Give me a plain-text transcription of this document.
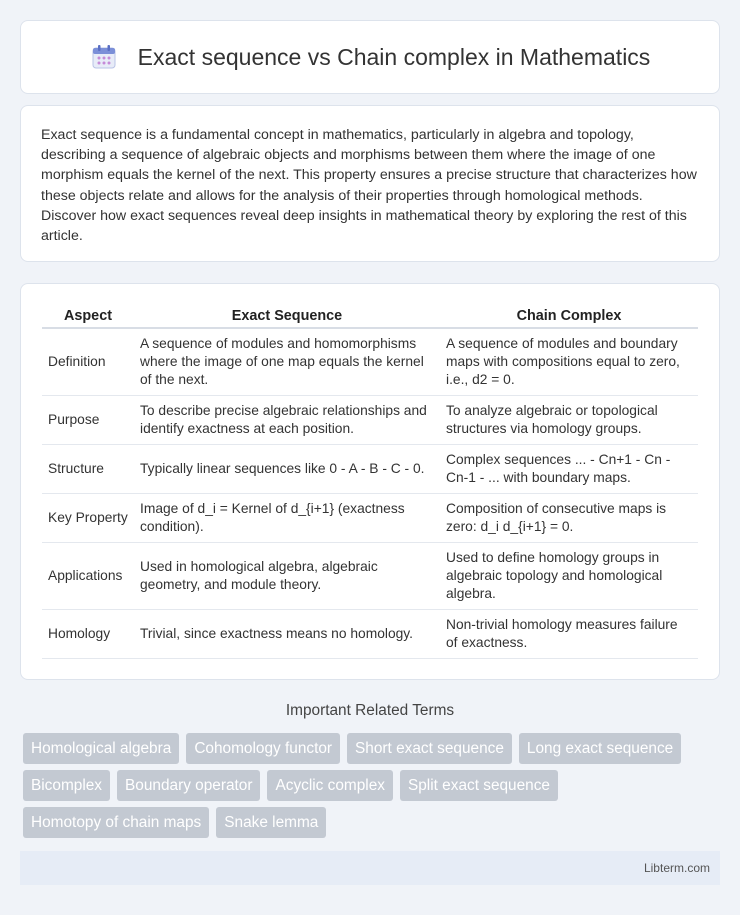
Exact sequence vs Chain complex in Mathematics

Exact sequence is a fundamental concept in mathematics, particularly in algebra and topology, describing a sequence of algebraic objects and morphisms between them where the image of one morphism equals the kernel of the next. This property ensures a precise structure that characterizes how these objects relate and allows for the analysis of their properties through homological methods. Discover how exact sequences reveal deep insights in mathematical theory by exploring the rest of this article.

Aspect	Exact Sequence	Chain Complex
Definition	A sequence of modules and homomorphisms where the image of one map equals the kernel of the next.	A sequence of modules and boundary maps with compositions equal to zero, i.e., d2 = 0.
Purpose	To describe precise algebraic relationships and identify exactness at each position.	To analyze algebraic or topological structures via homology groups.
Structure	Typically linear sequences like 0 - A - B - C - 0.	Complex sequences ... - Cn+1 - Cn - Cn-1 - ... with boundary maps.
Key Property	Image of d_i = Kernel of d_{i+1} (exactness condition).	Composition of consecutive maps is zero: d_i d_{i+1} = 0.
Applications	Used in homological algebra, algebraic geometry, and module theory.	Used to define homology groups in algebraic topology and homological algebra.
Homology	Trivial, since exactness means no homology.	Non-trivial homology measures failure of exactness.
Important Related Terms
Homological algebra	Cohomology functor	Short exact sequence	Long exact sequence
Bicomplex	Boundary operator	Acyclic complex	Split exact sequence
Homotopy of chain maps	Snake lemma
Libterm.com
